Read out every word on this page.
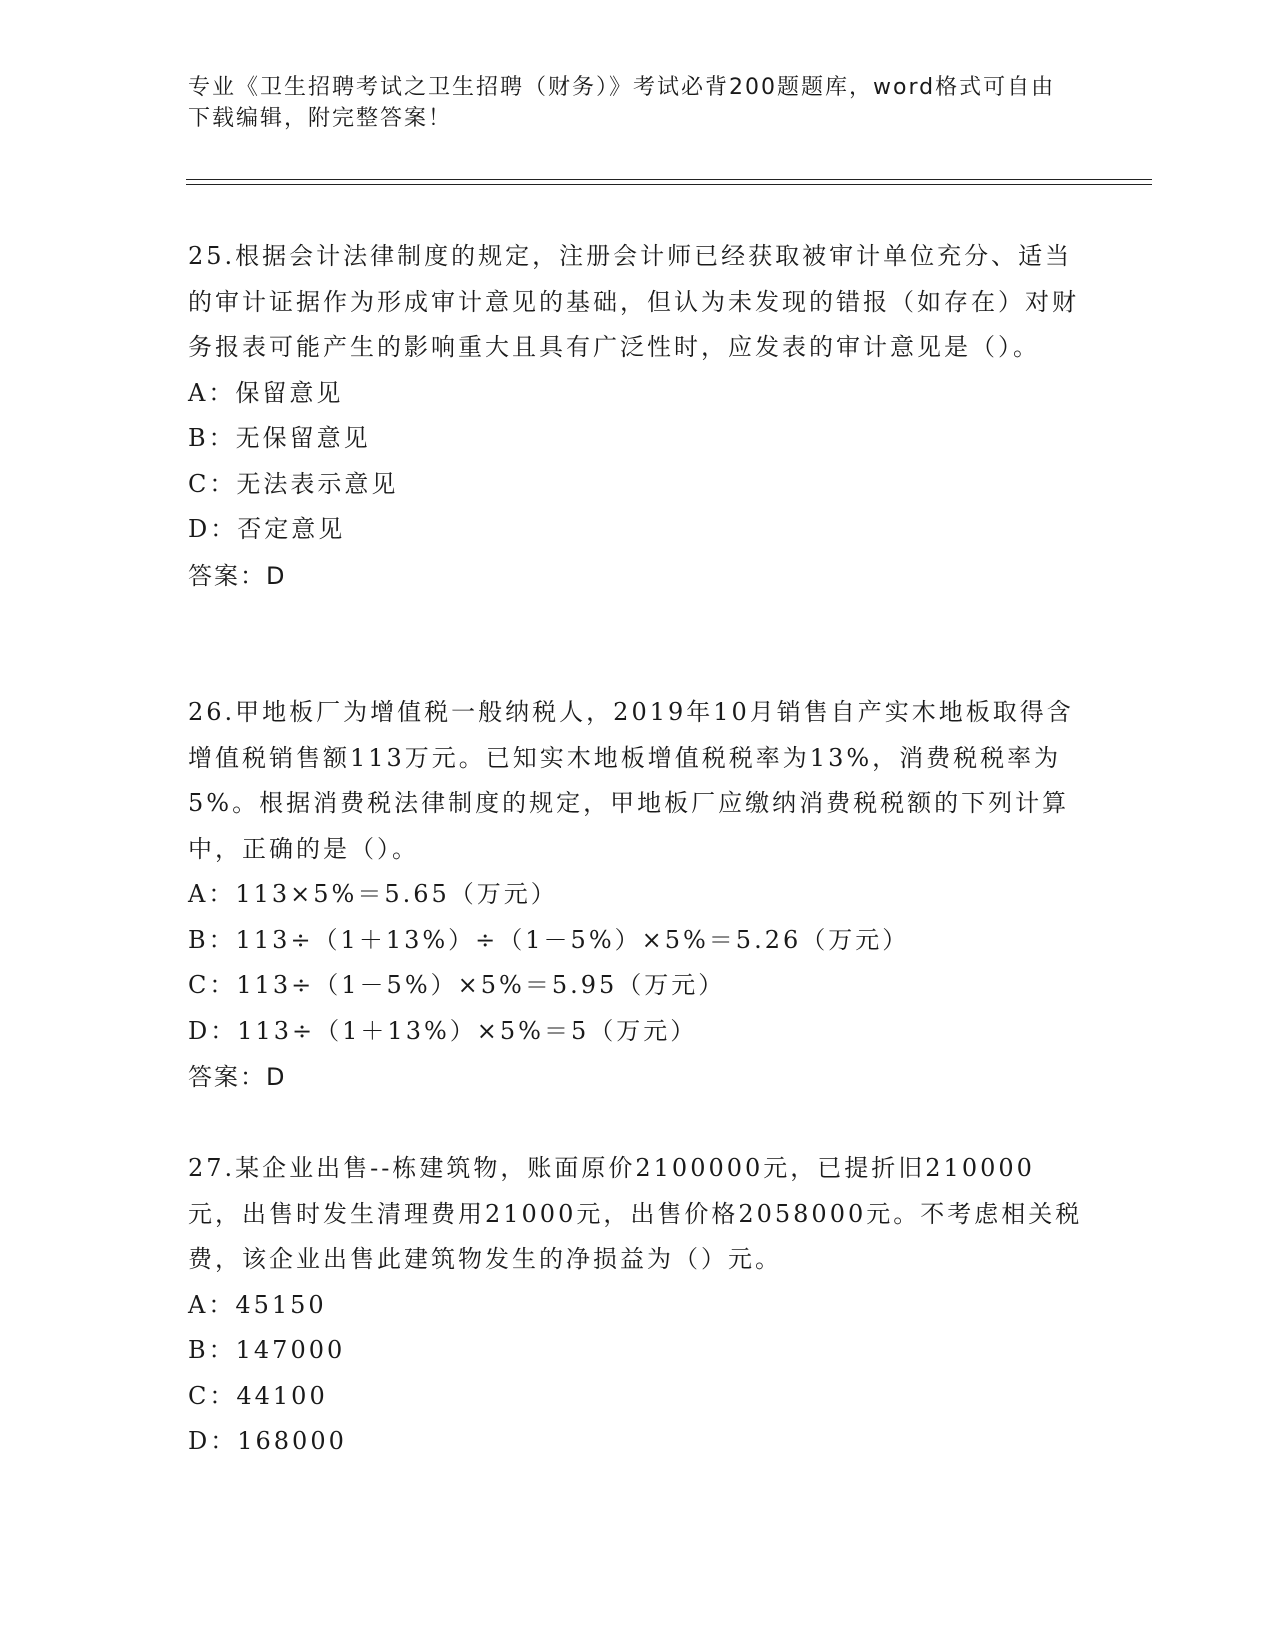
专业《卫生招聘考试之卫生招聘（财务）》考试必背200题题库，word格式可自由下载编辑，附完整答案！

25.根据会计法律制度的规定，注册会计师已经获取被审计单位充分、适当的审计证据作为形成审计意见的基础，但认为未发现的错报（如存在）对财务报表可能产生的影响重大且具有广泛性时，应发表的审计意见是（）。

A：保留意见

B：无保留意见

C：无法表示意见

D：否定意见

答案：D

26.甲地板厂为增值税一般纳税人，2019年10月销售自产实木地板取得含增值税销售额113万元。已知实木地板增值税税率为13%，消费税税率为5%。根据消费税法律制度的规定，甲地板厂应缴纳消费税税额的下列计算中，正确的是（）。

A：113×5%＝5.65（万元）

B：113÷（1＋13%）÷（1－5%）×5%＝5.26（万元）

C：113÷（1－5%）×5%＝5.95（万元）

D：113÷（1＋13%）×5%＝5（万元）

答案：D

27.某企业出售--栋建筑物，账面原价2100000元，已提折旧210000元，出售时发生清理费用21000元，出售价格2058000元。不考虑相关税费，该企业出售此建筑物发生的净损益为（）元。

A：45150

B：147000

C：44100

D：168000
